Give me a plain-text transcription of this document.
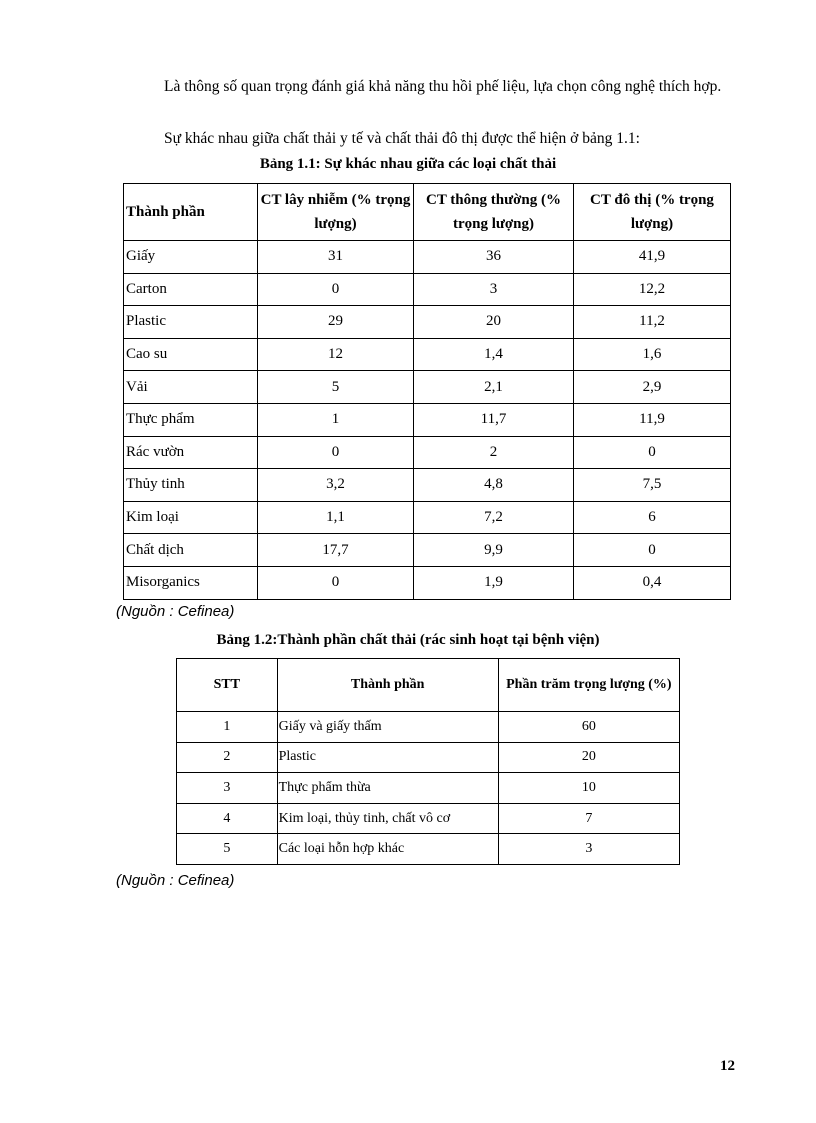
Là thông số quan trọng đánh giá khả năng thu hồi phế liệu, lựa chọn công nghệ thích hợp.

Sự khác nhau giữa chất thải y tế và chất thải đô thị được thể hiện ở bảng 1.1:

Bảng 1.1: Sự khác nhau giữa các loại chất thải

Thành phần	CT lây nhiễm (% trọng lượng)	CT thông thường (% trọng lượng)	CT đô thị (% trọng lượng)
Giấy	31	36	41,9
Carton	0	3	12,2
Plastic	29	20	11,2
Cao su	12	1,4	1,6
Vải	5	2,1	2,9
Thực phẩm	1	11,7	11,9
Rác vườn	0	2	0
Thủy tinh	3,2	4,8	7,5
Kim loại	1,1	7,2	6
Chất dịch	17,7	9,9	0
Misorganics	0	1,9	0,4
(Nguồn : Cefinea)

Bảng 1.2:Thành phần chất thải (rác sinh hoạt tại bệnh viện)

STT	Thành phần	Phần trăm trọng lượng (%)
1	Giấy và giấy thấm	60
2	Plastic	20
3	Thực phẩm thừa	10
4	Kim loại, thủy tinh, chất vô cơ	7
5	Các loại hỗn hợp khác	3
(Nguồn : Cefinea)
12
